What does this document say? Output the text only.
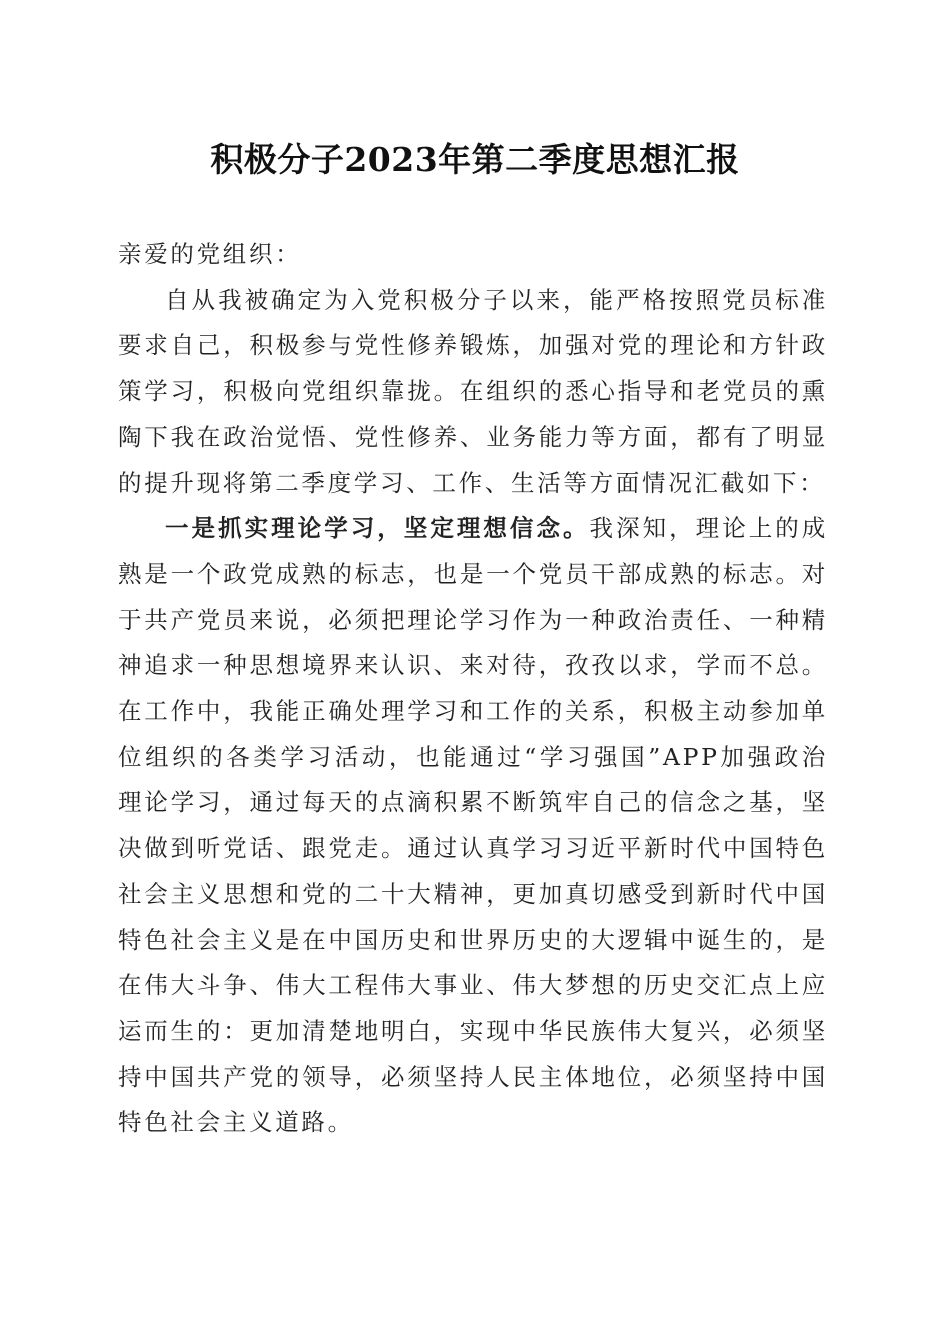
积极分子2023年第二季度思想汇报

亲爱的党组织：

自从我被确定为入党积极分子以来，能严格按照党员标准要求自己，积极参与党性修养锻炼，加强对党的理论和方针政策学习，积极向党组织靠拢。在组织的悉心指导和老党员的熏陶下我在政治觉悟、党性修养、业务能力等方面，都有了明显的提升现将第二季度学习、工作、生活等方面情况汇截如下：

一是抓实理论学习，坚定理想信念。我深知，理论上的成熟是一个政党成熟的标志，也是一个党员干部成熟的标志。对于共产党员来说，必须把理论学习作为一种政治责任、一种精神追求一种思想境界来认识、来对待，孜孜以求，学而不总。在工作中，我能正确处理学习和工作的关系，积极主动参加单位组织的各类学习活动，也能通过“学习强国”APP加强政治理论学习，通过每天的点滴积累不断筑牢自己的信念之基，坚决做到听党话、跟党走。通过认真学习习近平新时代中国特色社会主义思想和党的二十大精神，更加真切感受到新时代中国特色社会主义是在中国历史和世界历史的大逻辑中诞生的，是在伟大斗争、伟大工程伟大事业、伟大梦想的历史交汇点上应运而生的：更加清楚地明白，实现中华民族伟大复兴，必须坚持中国共产党的领导，必须坚持人民主体地位，必须坚持中国特色社会主义道路。
